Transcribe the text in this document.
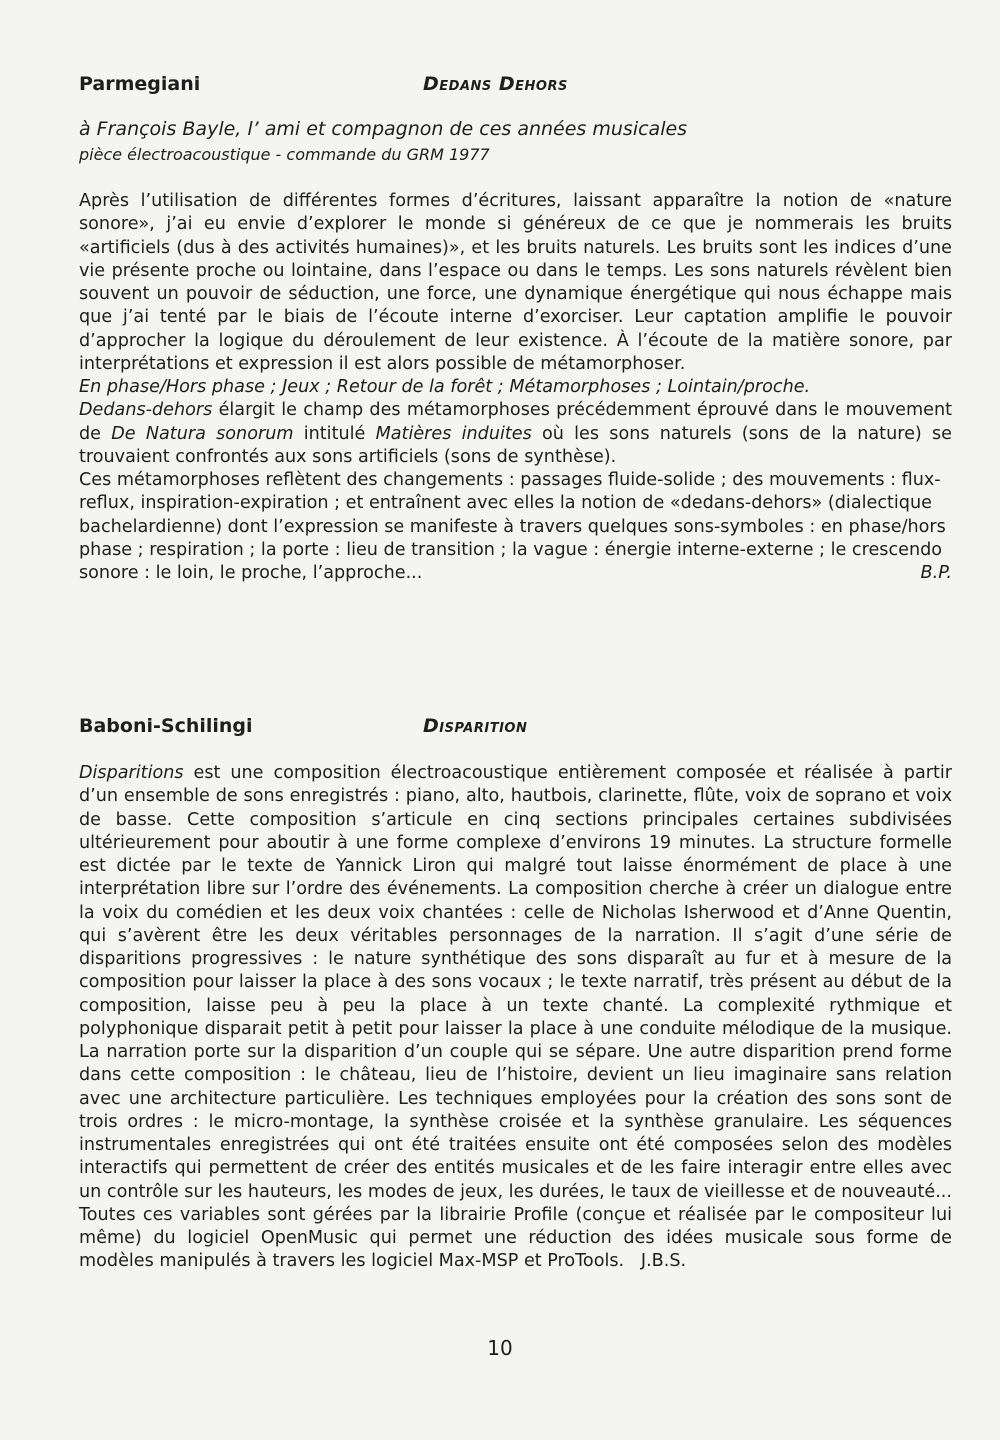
Parmegiani	Dedans Dehors
à François Bayle, l’ ami et compagnon de ces années musicales
pièce électroacoustique - commande du GRM 1977

Après l’utilisation de différentes formes d’écritures, laissant apparaître la notion de «nature sonore», j’ai eu envie d’explorer le monde si généreux de ce que je nommerais les bruits «artificiels (dus à des activités humaines)», et les bruits naturels. Les bruits sont les indices d’une vie présente proche ou lointaine, dans l’espace ou dans le temps. Les sons naturels révèlent bien souvent un pouvoir de séduction, une force, une dynamique énergétique qui nous échappe mais que j’ai tenté par le biais de l’écoute interne d’exorciser. Leur captation amplifie le pouvoir d’approcher la logique du déroulement de leur existence. À l’écoute de la matière sonore, par interprétations et expression il est alors possible de métamorphoser.

En phase/Hors phase ; Jeux ; Retour de la forêt ; Métamorphoses ; Lointain/proche.

Dedans-dehors élargit le champ des métamorphoses précédemment éprouvé dans le mouvement de De Natura sonorum intitulé Matières induites où les sons naturels (sons de la nature) se trouvaient confrontés aux sons artificiels (sons de synthèse).

Ces métamorphoses reflètent des changements : passages fluide-solide ; des mouvements : flux-reflux, inspiration-expiration ; et entraînent avec elles la notion de «dedans-dehors» (dialectique bachelardienne) dont l’expression se manifeste à travers quelques sons-symboles : en phase/hors phase ; respiration ; la porte : lieu de transition ; la vague : énergie interne-externe ; le crescendo sonore : le loin, le proche, l’approche...	B.P.

Baboni-Schilingi	Disparition

Disparitions est une composition électroacoustique entièrement composée et réalisée à partir d’un ensemble de sons enregistrés : piano, alto, hautbois, clarinette, flûte, voix de soprano et voix de basse. Cette composition s’articule en cinq sections principales certaines subdivisées ultérieurement pour aboutir à une forme complexe d’environs 19 minutes. La structure formelle est dictée par le texte de Yannick Liron qui malgré tout laisse énormément de place à une interprétation libre sur l’ordre des événements. La composition cherche à créer un dialogue entre la voix du comédien et les deux voix chantées : celle de Nicholas Isherwood et d’Anne Quentin, qui s’avèrent être les deux véritables personnages de la narration. Il s’agit d’une série de disparitions progressives : le nature synthétique des sons disparaît au fur et à mesure de la composition pour laisser la place à des sons vocaux ; le texte narratif, très présent au début de la composition, laisse peu à peu la place à un texte chanté. La complexité rythmique et polyphonique disparait petit à petit pour laisser la place à une conduite mélodique de la musique. La narration porte sur la disparition d’un couple qui se sépare. Une autre disparition prend forme dans cette composition : le château, lieu de l’histoire, devient un lieu imaginaire sans relation avec une architecture particulière. Les techniques employées pour la création des sons sont de trois ordres : le micro-montage, la synthèse croisée et la synthèse granulaire. Les séquences instrumentales enregistrées qui ont été traitées ensuite ont été composées selon des modèles interactifs qui permettent de créer des entités musicales et de les faire interagir entre elles avec un contrôle sur les hauteurs, les modes de jeux, les durées, le taux de vieillesse et de nouveauté... Toutes ces variables sont gérées par la librairie Profile (conçue et réalisée par le compositeur lui même) du logiciel OpenMusic qui permet une réduction des idées musicale sous forme de modèles manipulés à travers les logiciel Max-MSP et ProTools. J.B.S.

10
